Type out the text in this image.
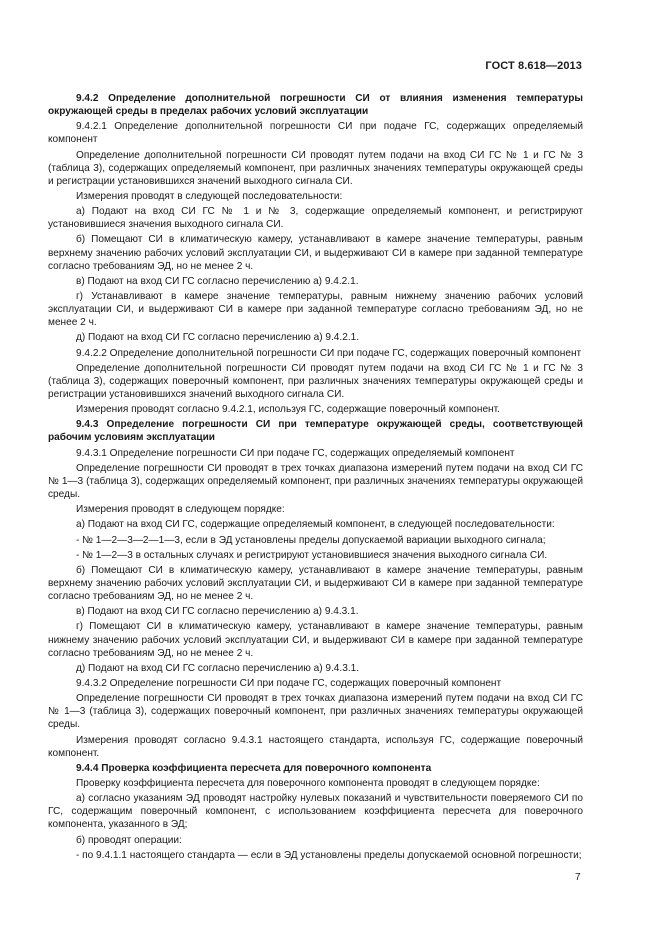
ГОСТ 8.618—2013

9.4.2 Определение дополнительной погрешности СИ от влияния изменения температуры окружающей среды в пределах рабочих условий эксплуатации

9.4.2.1 Определение дополнительной погрешности СИ при подаче ГС, содержащих определяемый компонент

Определение дополнительной погрешности СИ проводят путем подачи на вход СИ ГС № 1 и ГС № 3 (таблица 3), содержащих определяемый компонент, при различных значениях температуры окружающей среды и регистрации установившихся значений выходного сигнала СИ.

Измерения проводят в следующей последовательности:

а) Подают на вход СИ ГС № 1 и № 3, содержащие определяемый компонент, и регистрируют установившиеся значения выходного сигнала СИ.

б) Помещают СИ в климатическую камеру, устанавливают в камере значение температуры, равным верхнему значению рабочих условий эксплуатации СИ, и выдерживают СИ в камере при заданной температуре согласно требованиям ЭД, но не менее 2 ч.

в) Подают на вход СИ ГС согласно перечислению а) 9.4.2.1.

г) Устанавливают в камере значение температуры, равным нижнему значению рабочих условий эксплуатации СИ, и выдерживают СИ в камере при заданной температуре согласно требованиям ЭД, но не менее 2 ч.

д) Подают на вход СИ ГС согласно перечислению а) 9.4.2.1.

9.4.2.2 Определение дополнительной погрешности СИ при подаче ГС, содержащих поверочный компонент

Определение дополнительной погрешности СИ проводят путем подачи на вход СИ ГС № 1 и ГС № 3 (таблица 3), содержащих поверочный компонент, при различных значениях температуры окружающей среды и регистрации установившихся значений выходного сигнала СИ.

Измерения проводят согласно 9.4.2.1, используя ГС, содержащие поверочный компонент.

9.4.3 Определение погрешности СИ при температуре окружающей среды, соответствующей рабочим условиям эксплуатации

9.4.3.1 Определение погрешности СИ при подаче ГС, содержащих определяемый компонент

Определение погрешности СИ проводят в трех точках диапазона измерений путем подачи на вход СИ ГС № 1—3 (таблица 3), содержащих определяемый компонент, при различных значениях температуры окружающей среды.

Измерения проводят в следующем порядке:

а) Подают на вход СИ ГС, содержащие определяемый компонент, в следующей последовательности:

- № 1—2—3—2—1—3, если в ЭД установлены пределы допускаемой вариации выходного сигнала;

- № 1—2—3 в остальных случаях и регистрируют установившиеся значения выходного сигнала СИ.

б) Помещают СИ в климатическую камеру, устанавливают в камере значение температуры, равным верхнему значению рабочих условий эксплуатации СИ, и выдерживают СИ в камере при заданной температуре согласно требованиям ЭД, но не менее 2 ч.

в) Подают на вход СИ ГС согласно перечислению а) 9.4.3.1.

г) Помещают СИ в климатическую камеру, устанавливают в камере значение температуры, равным нижнему значению рабочих условий эксплуатации СИ, и выдерживают СИ в камере при заданной температуре согласно требованиям ЭД, но не менее 2 ч.

д) Подают на вход СИ ГС согласно перечислению а) 9.4.3.1.

9.4.3.2 Определение погрешности СИ при подаче ГС, содержащих поверочный компонент

Определение погрешности СИ проводят в трех точках диапазона измерений путем подачи на вход СИ ГС № 1—3 (таблица 3), содержащих поверочный компонент, при различных значениях температуры окружающей среды.

Измерения проводят согласно 9.4.3.1 настоящего стандарта, используя ГС, содержащие поверочный компонент.

9.4.4 Проверка коэффициента пересчета для поверочного компонента

Проверку коэффициента пересчета для поверочного компонента проводят в следующем порядке:

а) согласно указаниям ЭД проводят настройку нулевых показаний и чувствительности поверяемого СИ по ГС, содержащим поверочный компонент, с использованием коэффициента пересчета для поверочного компонента, указанного в ЭД;

б) проводят операции:

- по 9.4.1.1 настоящего стандарта — если в ЭД установлены пределы допускаемой основной погрешности;

7
